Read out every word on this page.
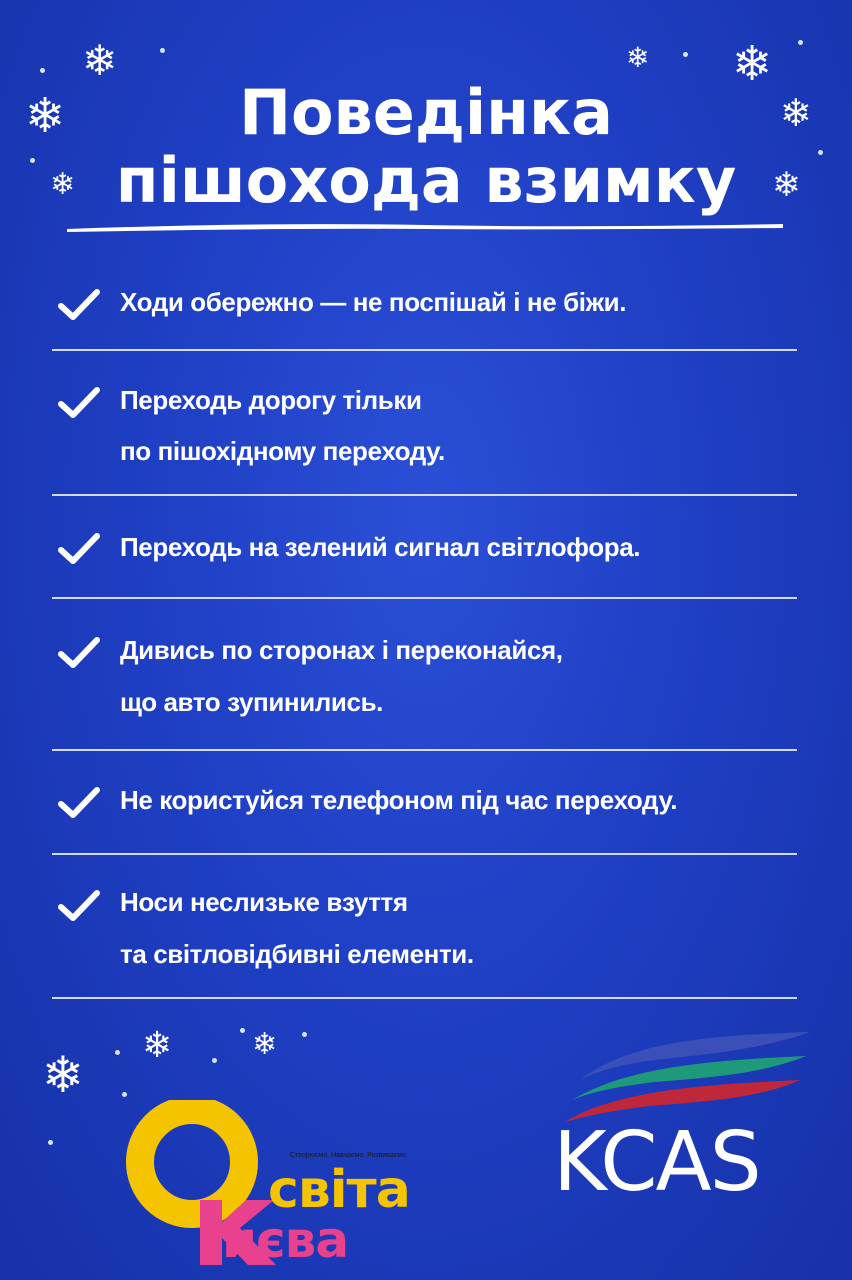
Поведінка
пішохода взимку
❄
❄
❄
❄ ❄
❄
❄
Ходи обережно — не поспішай і не біжи.
Переходь дорогу тільки
по пішохідному переходу.
Переходь на зелений сигнал світлофора.
Дивись по сторонах і переконайся,
що авто зупинились.
Не користуйся телефоном під час переходу.
Носи неслизьке взуття
та світловідбивні елементи.
❄	❄
❄
Створюємо. Навчаємо. Розвиваємо
світа
иєва
KCAS
